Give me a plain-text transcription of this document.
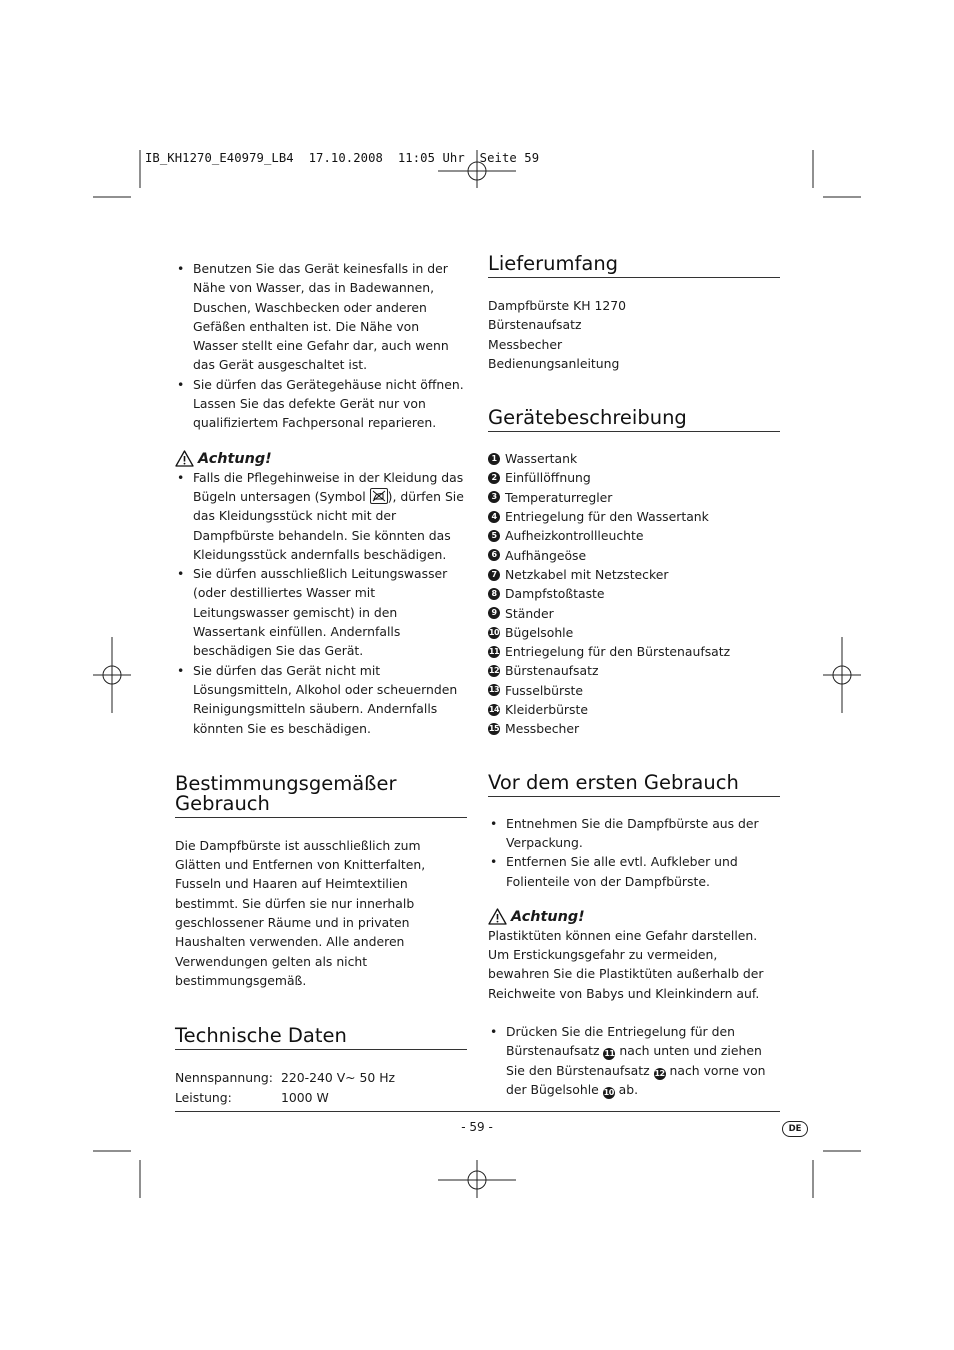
IB_KH1270_E40979_LB4  17.10.2008  11:05 Uhr  Seite 59
• Benutzen Sie das Gerät keinesfalls in der Nähe von Wasser, das in Badewannen, Duschen, Waschbecken oder anderen Gefäßen enthalten ist. Die Nähe von Wasser stellt eine Gefahr dar, auch wenn das Gerät ausgeschaltet ist.
• Sie dürfen das Gerätegehäuse nicht öffnen. Lassen Sie das defekte Gerät nur von qualifiziertem Fachpersonal reparieren.
Achtung!
• Falls die Pflegehinweise in der Kleidung das Bügeln untersagen (Symbol ), dürfen Sie das Kleidungsstück nicht mit der Dampfbürste behandeln. Sie könnten das Kleidungsstück andernfalls beschädigen.
• Sie dürfen ausschließlich Leitungswasser (oder destilliertes Wasser mit Leitungswasser gemischt) in den Wassertank einfüllen. Andernfalls beschädigen Sie das Gerät.
• Sie dürfen das Gerät nicht mit Lösungsmitteln, Alkohol oder scheuernden Reinigungsmitteln säubern. Andernfalls könnten Sie es beschädigen.
Bestimmungsgemäßer Gebrauch

Die Dampfbürste ist ausschließlich zum Glätten und Entfernen von Knitterfalten, Fusseln und Haaren auf Heimtextilien bestimmt. Sie dürfen sie nur innerhalb geschlossener Räume und in privaten Haushalten verwenden. Alle anderen Verwendungen gelten als nicht bestimmungsgemäß.

Technische Daten
Nennspannung: 220-240 V~ 50 Hz
Leistung:	1000 W
Lieferumfang

Dampfbürste KH 1270

Bürstenaufsatz

Messbecher

Bedienungsanleitung

Gerätebeschreibung
1 Wassertank
2 Einfüllöffnung
3 Temperaturregler
4 Entriegelung für den Wassertank
5 Aufheizkontrollleuchte
6 Aufhängeöse
7 Netzkabel mit Netzstecker
8 Dampfstoßtaste
9 Ständer
10 Bügelsohle
11 Entriegelung für den Bürstenaufsatz
12 Bürstenaufsatz
13 Fusselbürste
14 Kleiderbürste
15 Messbecher
Vor dem ersten Gebrauch
• Entnehmen Sie die Dampfbürste aus der Verpackung.
• Entfernen Sie alle evtl. Aufkleber und Folienteile von der Dampfbürste.
Achtung!

Plastiktüten können eine Gefahr darstellen. Um Erstickungsgefahr zu vermeiden, bewahren Sie die Plastiktüten außerhalb der Reichweite von Babys und Kleinkindern auf.

• Drücken Sie die Entriegelung für den Bürstenaufsatz 11 nach unten und ziehen Sie den Bürstenaufsatz 12 nach vorne von der Bügelsohle 10 ab.
- 59 -	DE
